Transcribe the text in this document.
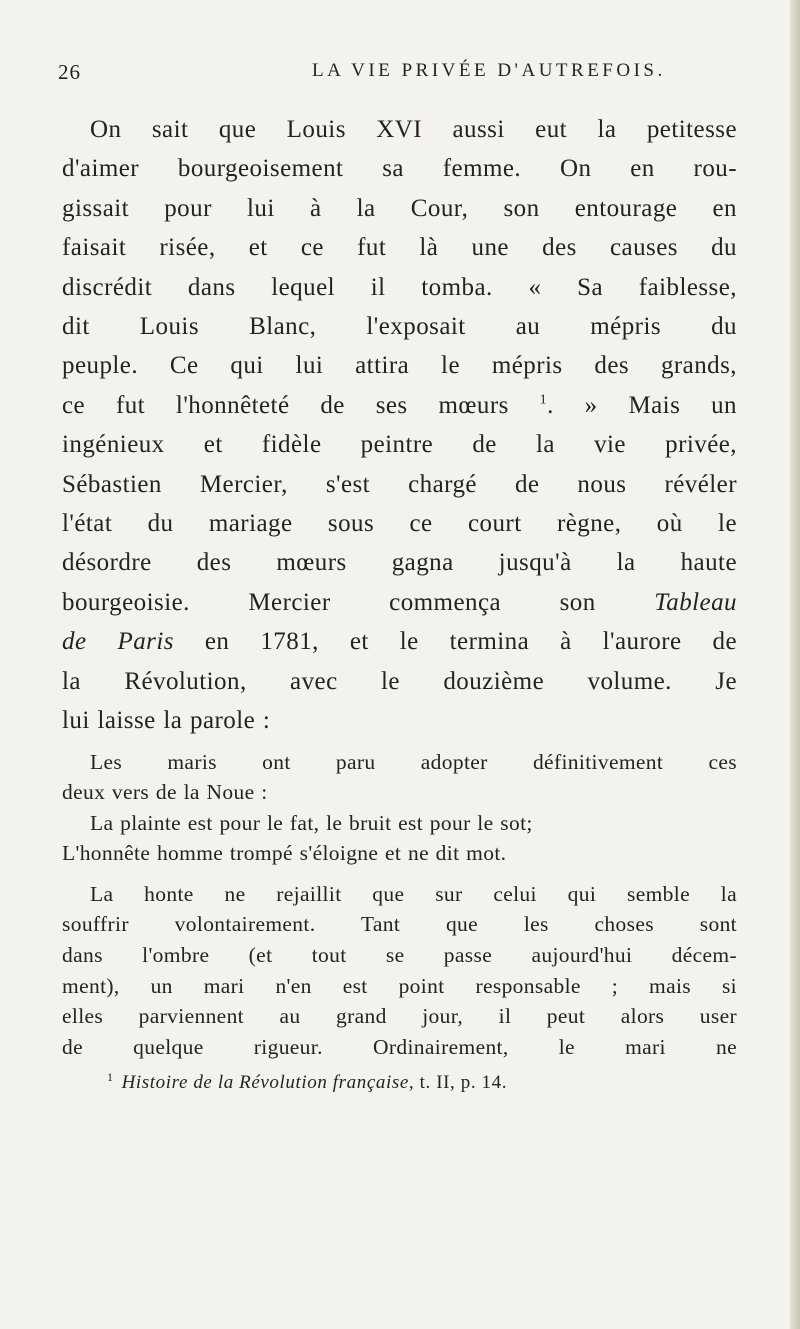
26	LA VIE PRIVÉE D'AUTREFOIS.
On sait que Louis XVI aussi eut la petitesse
d'aimer bourgeoisement sa femme. On en rou-
gissait pour lui à la Cour, son entourage en
faisait risée, et ce fut là une des causes du
discrédit dans lequel il tomba. « Sa faiblesse,
dit Louis Blanc, l'exposait au mépris du
peuple. Ce qui lui attira le mépris des grands,
ce fut l'honnêteté de ses mœurs $^1$. » Mais un
ingénieux et fidèle peintre de la vie privée,
Sébastien Mercier, s'est chargé de nous révéler
l'état du mariage sous ce court règne, où le
désordre des mœurs gagna jusqu'à la haute
bourgeoisie. Mercier commença son Tableau
de Paris en 1781, et le termina à l'aurore de
la Révolution, avec le douzième volume. Je
lui laisse la parole :
Les maris ont paru adopter définitivement ces
deux vers de la Noue :
La plainte est pour le fat, le bruit est pour le sot;
L'honnête homme trompé s'éloigne et ne dit mot.
La honte ne rejaillit que sur celui qui semble la
souffrir volontairement. Tant que les choses sont
dans l'ombre (et tout se passe aujourd'hui décem-
ment), un mari n'en est point responsable ; mais si
elles parviennent au grand jour, il peut alors user
de quelque rigueur. Ordinairement, le mari ne
$^1$ Histoire de la Révolution française, t. II, p. 14.
